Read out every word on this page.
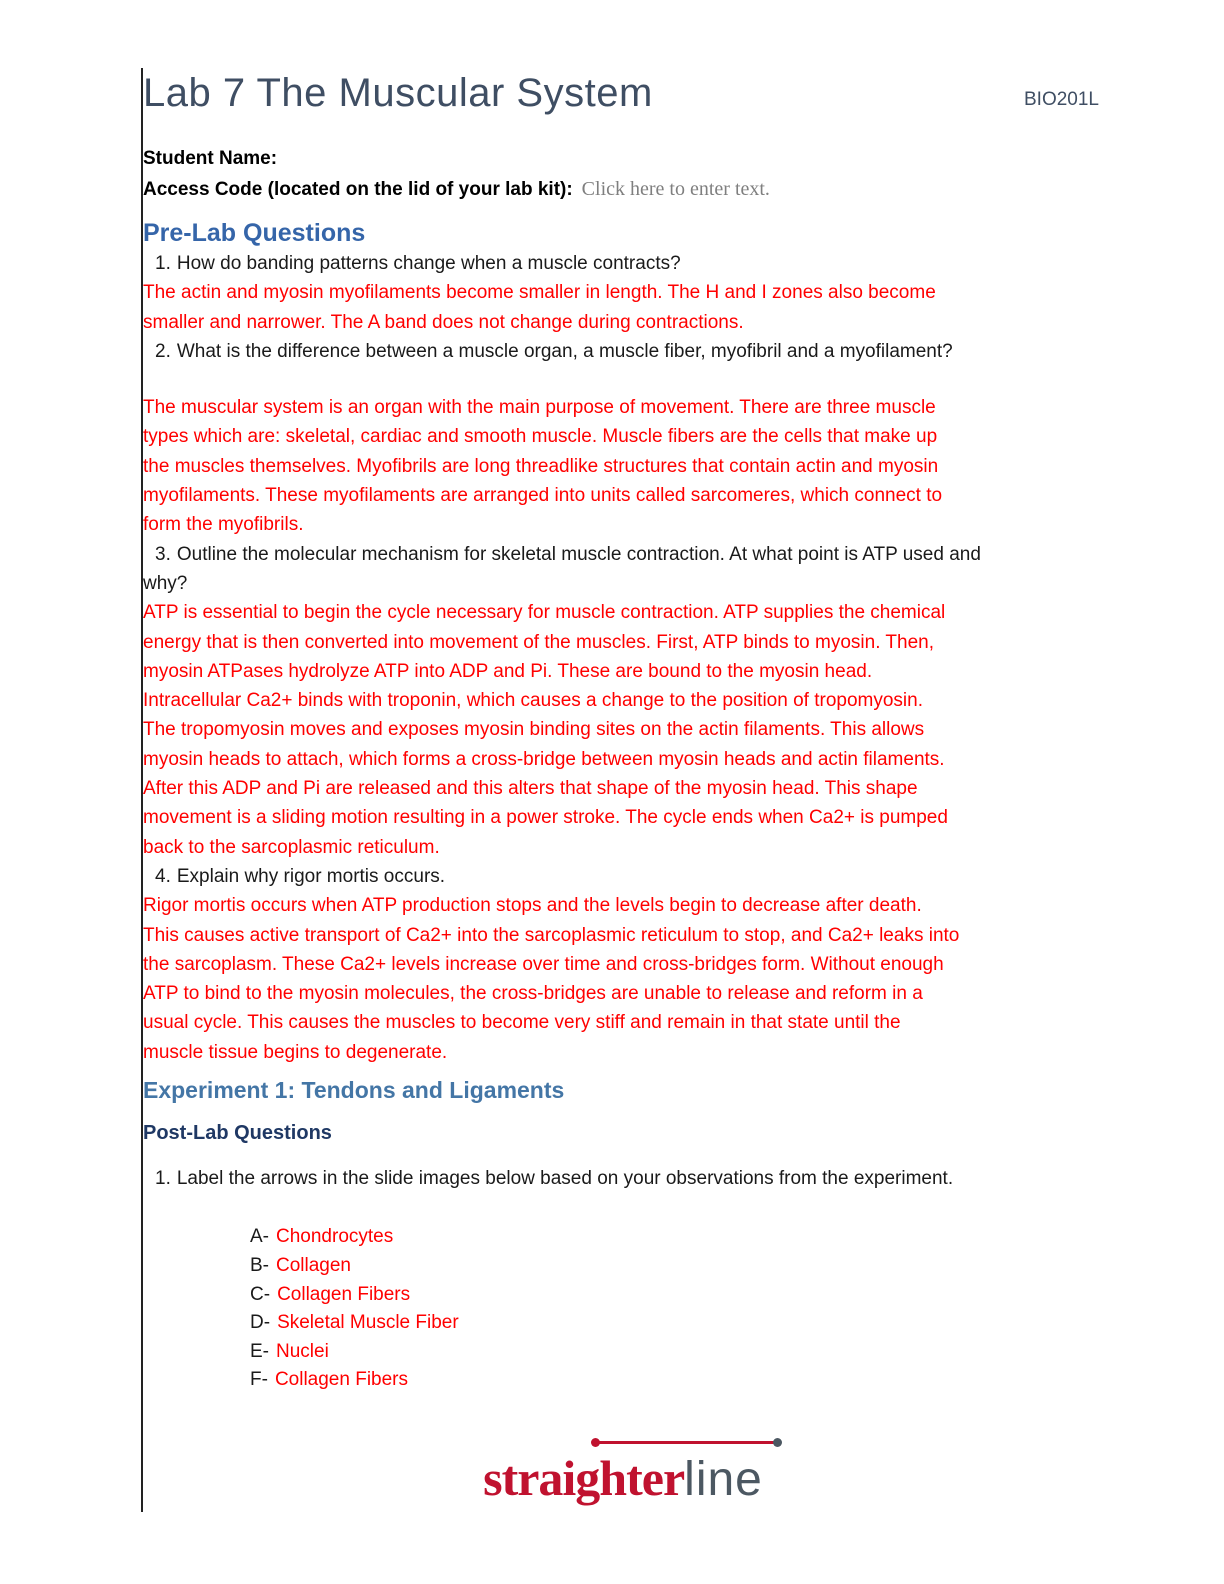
Lab 7 The Muscular System	BIO201L
Student Name:
Access Code (located on the lid of your lab kit): Click here to enter text.
Pre-Lab Questions
1. How do banding patterns change when a muscle contracts?
The actin and myosin myofilaments become smaller in length. The H and I zones also become
smaller and narrower. The A band does not change during contractions.
2. What is the difference between a muscle organ, a muscle fiber, myofibril and a myofilament?
The muscular system is an organ with the main purpose of movement. There are three muscle
types which are: skeletal, cardiac and smooth muscle. Muscle fibers are the cells that make up
the muscles themselves. Myofibrils are long threadlike structures that contain actin and myosin
myofilaments. These myofilaments are arranged into units called sarcomeres, which connect to
form the myofibrils.
3. Outline the molecular mechanism for skeletal muscle contraction. At what point is ATP used and why?
ATP is essential to begin the cycle necessary for muscle contraction. ATP supplies the chemical
energy that is then converted into movement of the muscles. First, ATP binds to myosin. Then,
myosin ATPases hydrolyze ATP into ADP and Pi. These are bound to the myosin head.
Intracellular Ca2+ binds with troponin, which causes a change to the position of tropomyosin.
The tropomyosin moves and exposes myosin binding sites on the actin filaments. This allows
myosin heads to attach, which forms a cross-bridge between myosin heads and actin filaments.
After this ADP and Pi are released and this alters that shape of the myosin head. This shape
movement is a sliding motion resulting in a power stroke. The cycle ends when Ca2+ is pumped
back to the sarcoplasmic reticulum.
4. Explain why rigor mortis occurs.
Rigor mortis occurs when ATP production stops and the levels begin to decrease after death.
This causes active transport of Ca2+ into the sarcoplasmic reticulum to stop, and Ca2+ leaks into
the sarcoplasm. These Ca2+ levels increase over time and cross-bridges form. Without enough
ATP to bind to the myosin molecules, the cross-bridges are unable to release and reform in a
usual cycle. This causes the muscles to become very stiff and remain in that state until the
muscle tissue begins to degenerate.
Experiment 1: Tendons and Ligaments
Post-Lab Questions
1. Label the arrows in the slide images below based on your observations from the experiment.
A- Chondrocytes
B- Collagen
C- Collagen Fibers
D- Skeletal Muscle Fiber
E- Nuclei
F- Collagen Fibers
straighterline
